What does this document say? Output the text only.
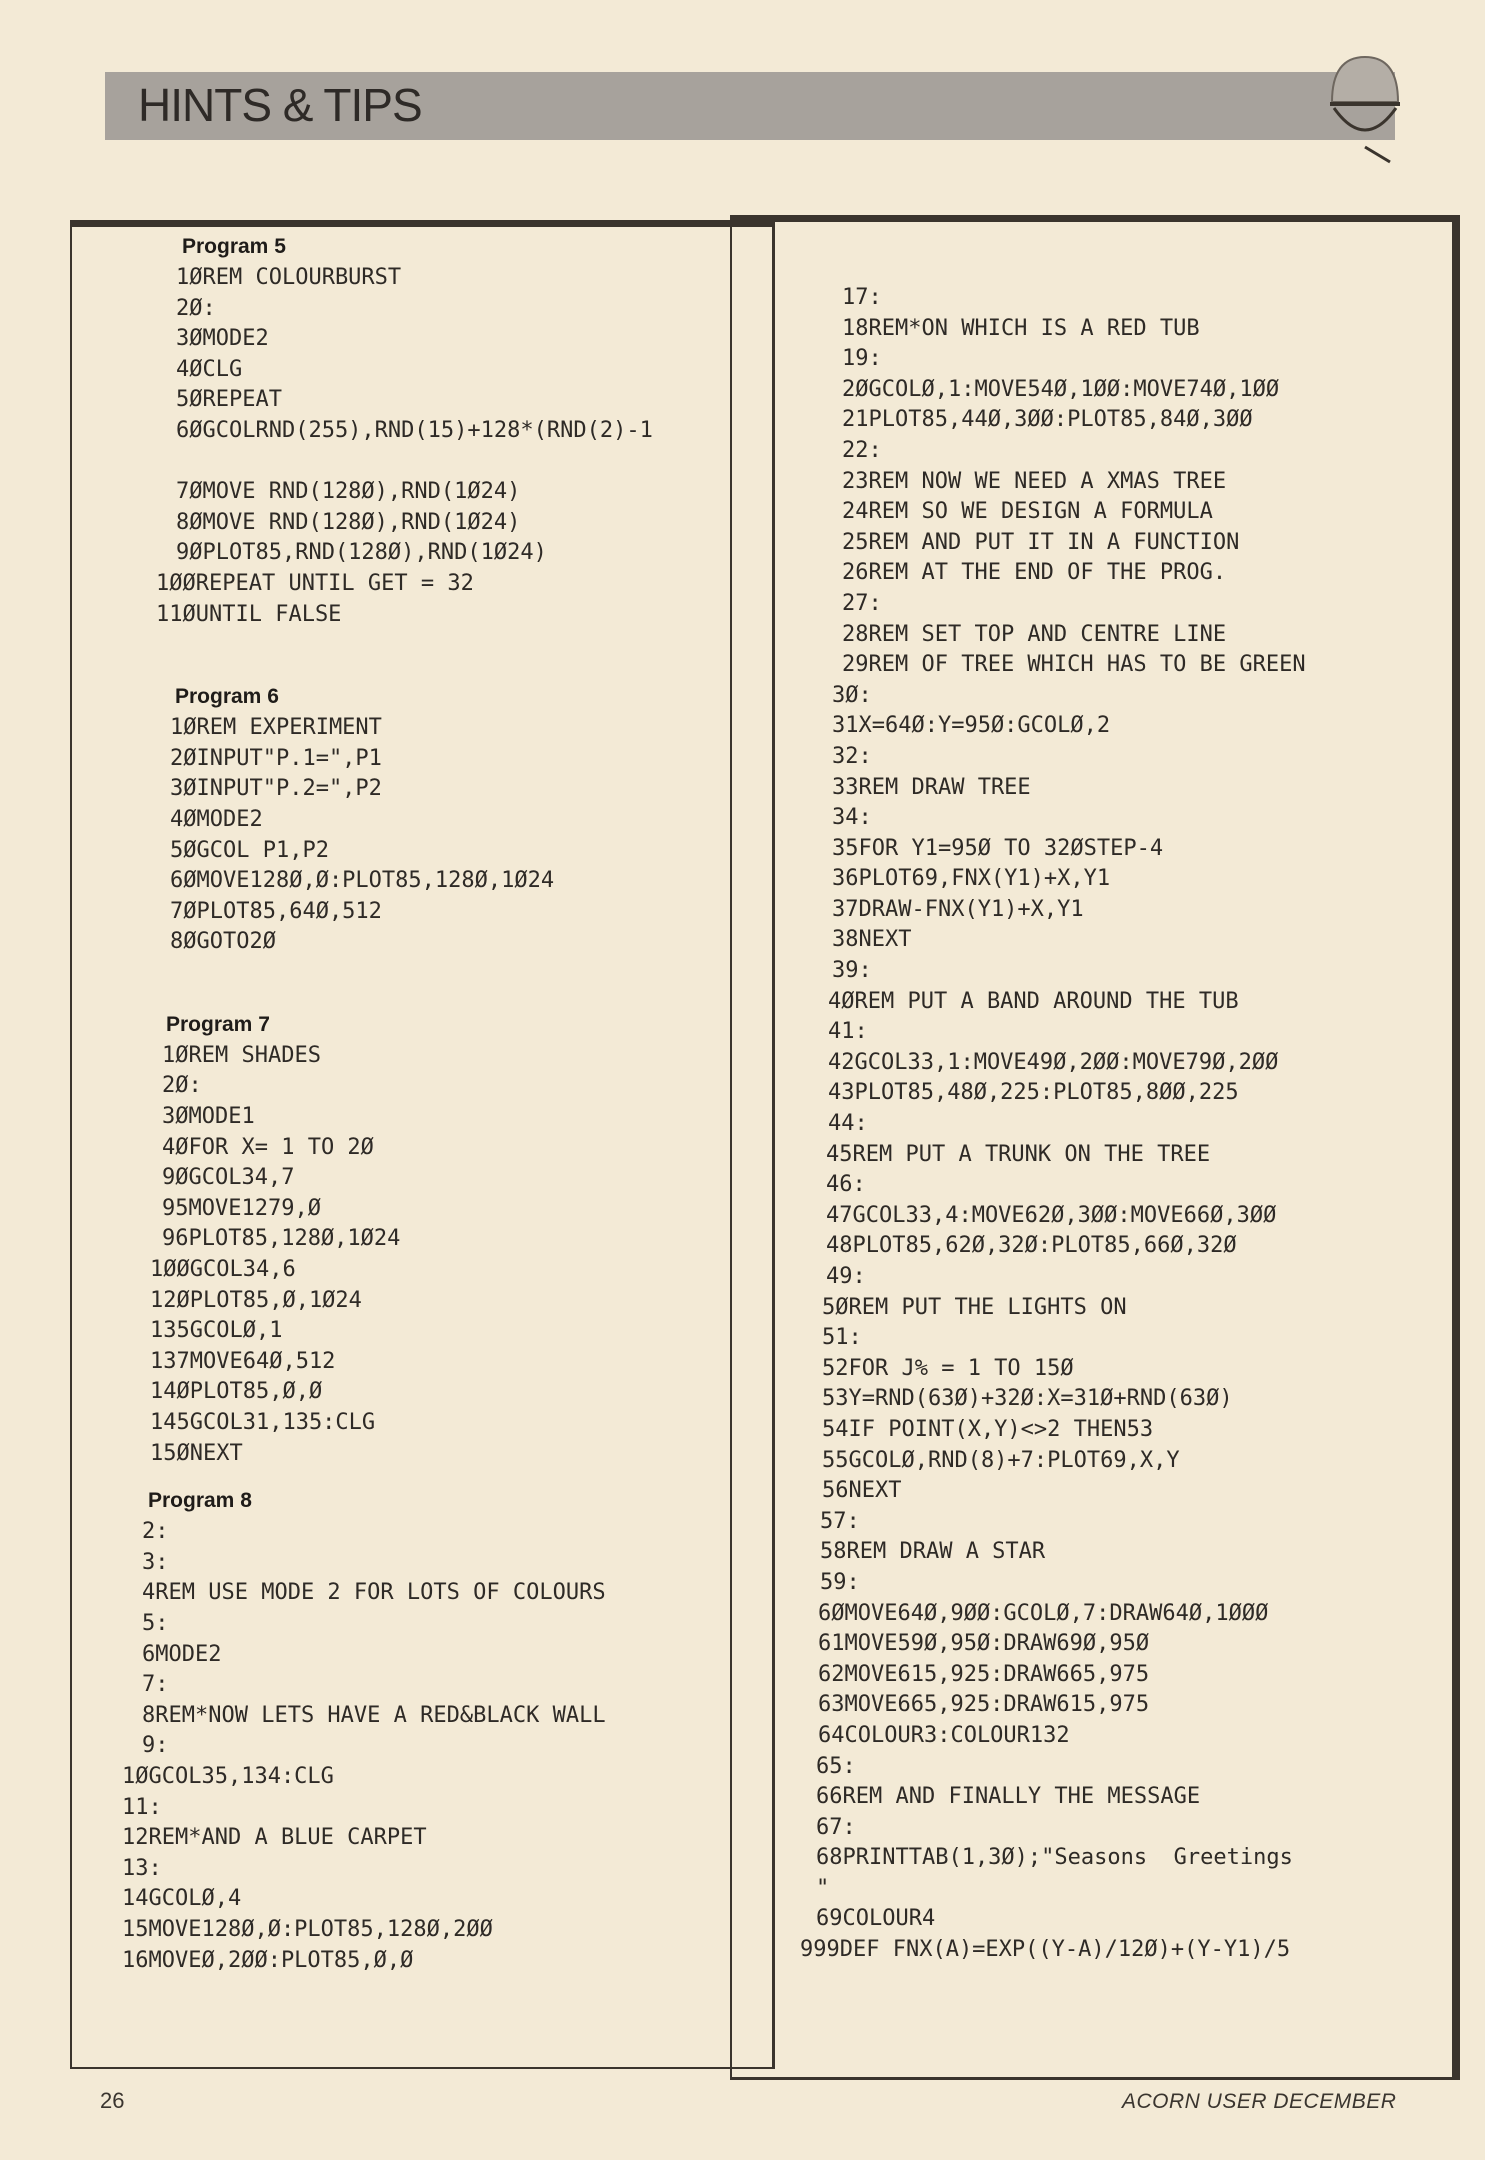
HINTS & TIPS
Program 5
1ØREM COLOURBURST
2Ø:
3ØMODE2
4ØCLG
5ØREPEAT
6ØGCOLRND(255),RND(15)+128*(RND(2)-1
7ØMOVE RND(128Ø),RND(1Ø24)
8ØMOVE RND(128Ø),RND(1Ø24)
9ØPLOT85,RND(128Ø),RND(1Ø24)
1ØØREPEAT UNTIL GET = 32
11ØUNTIL FALSE
Program 6
1ØREM EXPERIMENT
2ØINPUT"P.1=",P1
3ØINPUT"P.2=",P2
4ØMODE2
5ØGCOL P1,P2
6ØMOVE128Ø,Ø:PLOT85,128Ø,1Ø24
7ØPLOT85,64Ø,512
8ØGOTO2Ø
Program 7
1ØREM SHADES
2Ø:
3ØMODE1
4ØFOR X= 1 TO 2Ø
9ØGCOL34,7
95MOVE1279,Ø
96PLOT85,128Ø,1Ø24
1ØØGCOL34,6
12ØPLOT85,Ø,1Ø24
135GCOLØ,1
137MOVE64Ø,512
14ØPLOT85,Ø,Ø
145GCOL31,135:CLG
15ØNEXT
Program 8
2:
3:
4REM USE MODE 2 FOR LOTS OF COLOURS
5:
6MODE2
7:
8REM*NOW LETS HAVE A RED&BLACK WALL
9:
1ØGCOL35,134:CLG
11:
12REM*AND A BLUE CARPET
13:
14GCOLØ,4
15MOVE128Ø,Ø:PLOT85,128Ø,2ØØ
16MOVEØ,2ØØ:PLOT85,Ø,Ø
17:
18REM*ON WHICH IS A RED TUB
19:
2ØGCOLØ,1:MOVE54Ø,1ØØ:MOVE74Ø,1ØØ
21PLOT85,44Ø,3ØØ:PLOT85,84Ø,3ØØ
22:
23REM NOW WE NEED A XMAS TREE
24REM SO WE DESIGN A FORMULA
25REM AND PUT IT IN A FUNCTION
26REM AT THE END OF THE PROG.
27:
28REM SET TOP AND CENTRE LINE
29REM OF TREE WHICH HAS TO BE GREEN
3Ø:
31X=64Ø:Y=95Ø:GCOLØ,2
32:
33REM DRAW TREE
34:
35FOR Y1=95Ø TO 32ØSTEP-4
36PLOT69,FNX(Y1)+X,Y1
37DRAW-FNX(Y1)+X,Y1
38NEXT
39:
4ØREM PUT A BAND AROUND THE TUB
41:
42GCOL33,1:MOVE49Ø,2ØØ:MOVE79Ø,2ØØ
43PLOT85,48Ø,225:PLOT85,8ØØ,225
44:
45REM PUT A TRUNK ON THE TREE
46:
47GCOL33,4:MOVE62Ø,3ØØ:MOVE66Ø,3ØØ
48PLOT85,62Ø,32Ø:PLOT85,66Ø,32Ø
49:
5ØREM PUT THE LIGHTS ON
51:
52FOR J% = 1 TO 15Ø
53Y=RND(63Ø)+32Ø:X=31Ø+RND(63Ø)
54IF POINT(X,Y)<>2 THEN53
55GCOLØ,RND(8)+7:PLOT69,X,Y
56NEXT
57:
58REM DRAW A STAR
59:
6ØMOVE64Ø,9ØØ:GCOLØ,7:DRAW64Ø,1ØØØ
61MOVE59Ø,95Ø:DRAW69Ø,95Ø
62MOVE615,925:DRAW665,975
63MOVE665,925:DRAW615,975
64COLOUR3:COLOUR132
65:
66REM AND FINALLY THE MESSAGE
67:
68PRINTTAB(1,3Ø);"Seasons  Greetings
"
69COLOUR4
999DEF FNX(A)=EXP((Y-A)/12Ø)+(Y-Y1)/5
26	ACORN USER DECEMBER
